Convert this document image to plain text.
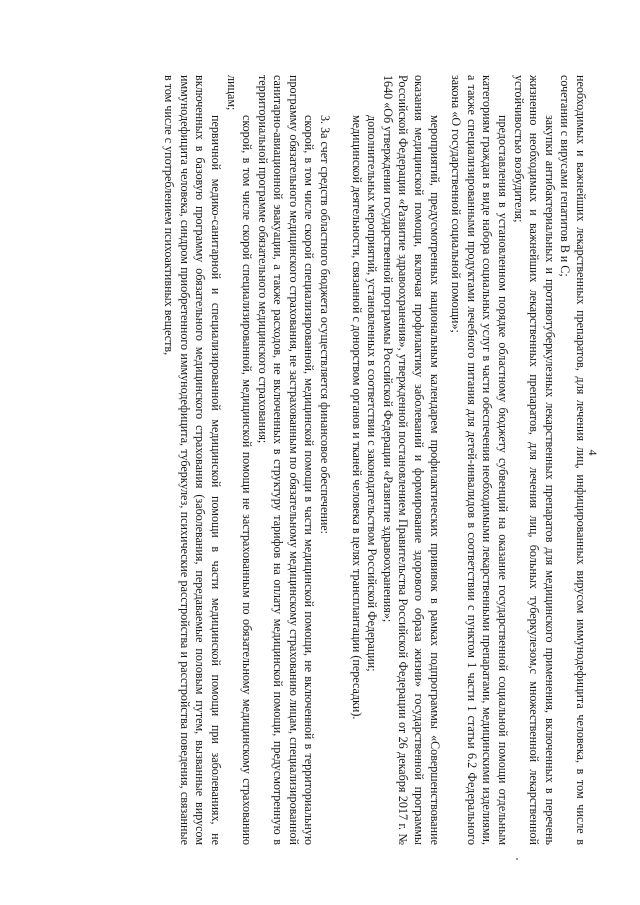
4

необходимых и важнейших лекарственных препаратов, для лечения лиц, инфицированных вирусом иммунодефицита человека, в том числе в сочетании с вирусами гепатитов В и С;

закупки антибактериальных и противотуберкулезных лекарственных препаратов для медицинского применения, включенных в перечень жизненно необходимых и важнейших лекарственных препаратов, для лечения лиц, больных туберкулезом,с множественной лекарственной устойчивостью возбудителя;

предоставления в установленном порядке областному бюджету субвенций на оказание государственной социальной помощи отдельным категориям граждан в виде набора социальных услуг в части обеспечения необходимыми лекарственными препаратами, медицинскими изделиями, а также специализированными продуктами лечебного питания для детей-инвалидов в соответствии с пунктом 1 части 1 статьи 6.2 Федерального закона «О государственной социальной помощи»;

мероприятий, предусмотренных национальным календарем профилактических прививок в рамках подпрограммы «Совершенствование оказания медицинской помощи, включая профилактику заболеваний и формирование здорового образа жизни» государственной программы Российской Федерации «Развитие здравоохранения», утвержденной постановлением Правительства Российской Федерации от 26 декабря 2017 г. № 1640 «Об утверждении государственной программы Российской Федерации «Развитие здравоохранения»;

дополнительных мероприятий, установленных в соответствии с законодательством Российской Федерации;

медицинской деятельности, связанной с донорством органов и тканей человека в целях трансплантации (пересадки).

3. За счет средств областного бюджета осуществляется финансовое обеспечение:

скорой, в том числе скорой специализированной, медицинской помощи в части медицинской помощи, не включенной в территориальную программу обязательного медицинского страхования, не застрахованным по обязательному медицинскому страхованию лицам, специализированной санитарно-авиационной эвакуации, а также расходов, не включенных в структуру тарифов на оплату медицинской помощи, предусмотренную в территориальной программе обязательного медицинского страхования;

скорой, в том числе скорой специализированной, медицинской помощи не застрахованным по обязательному медицинскому страхованию лицам;

первичной медико-санитарной и специализированной медицинской помощи в части медицинской помощи при заболеваниях, не включенных в базовую программу обязательного медицинского страхования (заболевания, передаваемые половым путем, вызванные вирусом иммунодефицита человека, синдром приобретенного иммунодефицита, туберкулез, психические расстройства и расстройства поведения, связанные в том числе с употреблением психоактивных веществ,
